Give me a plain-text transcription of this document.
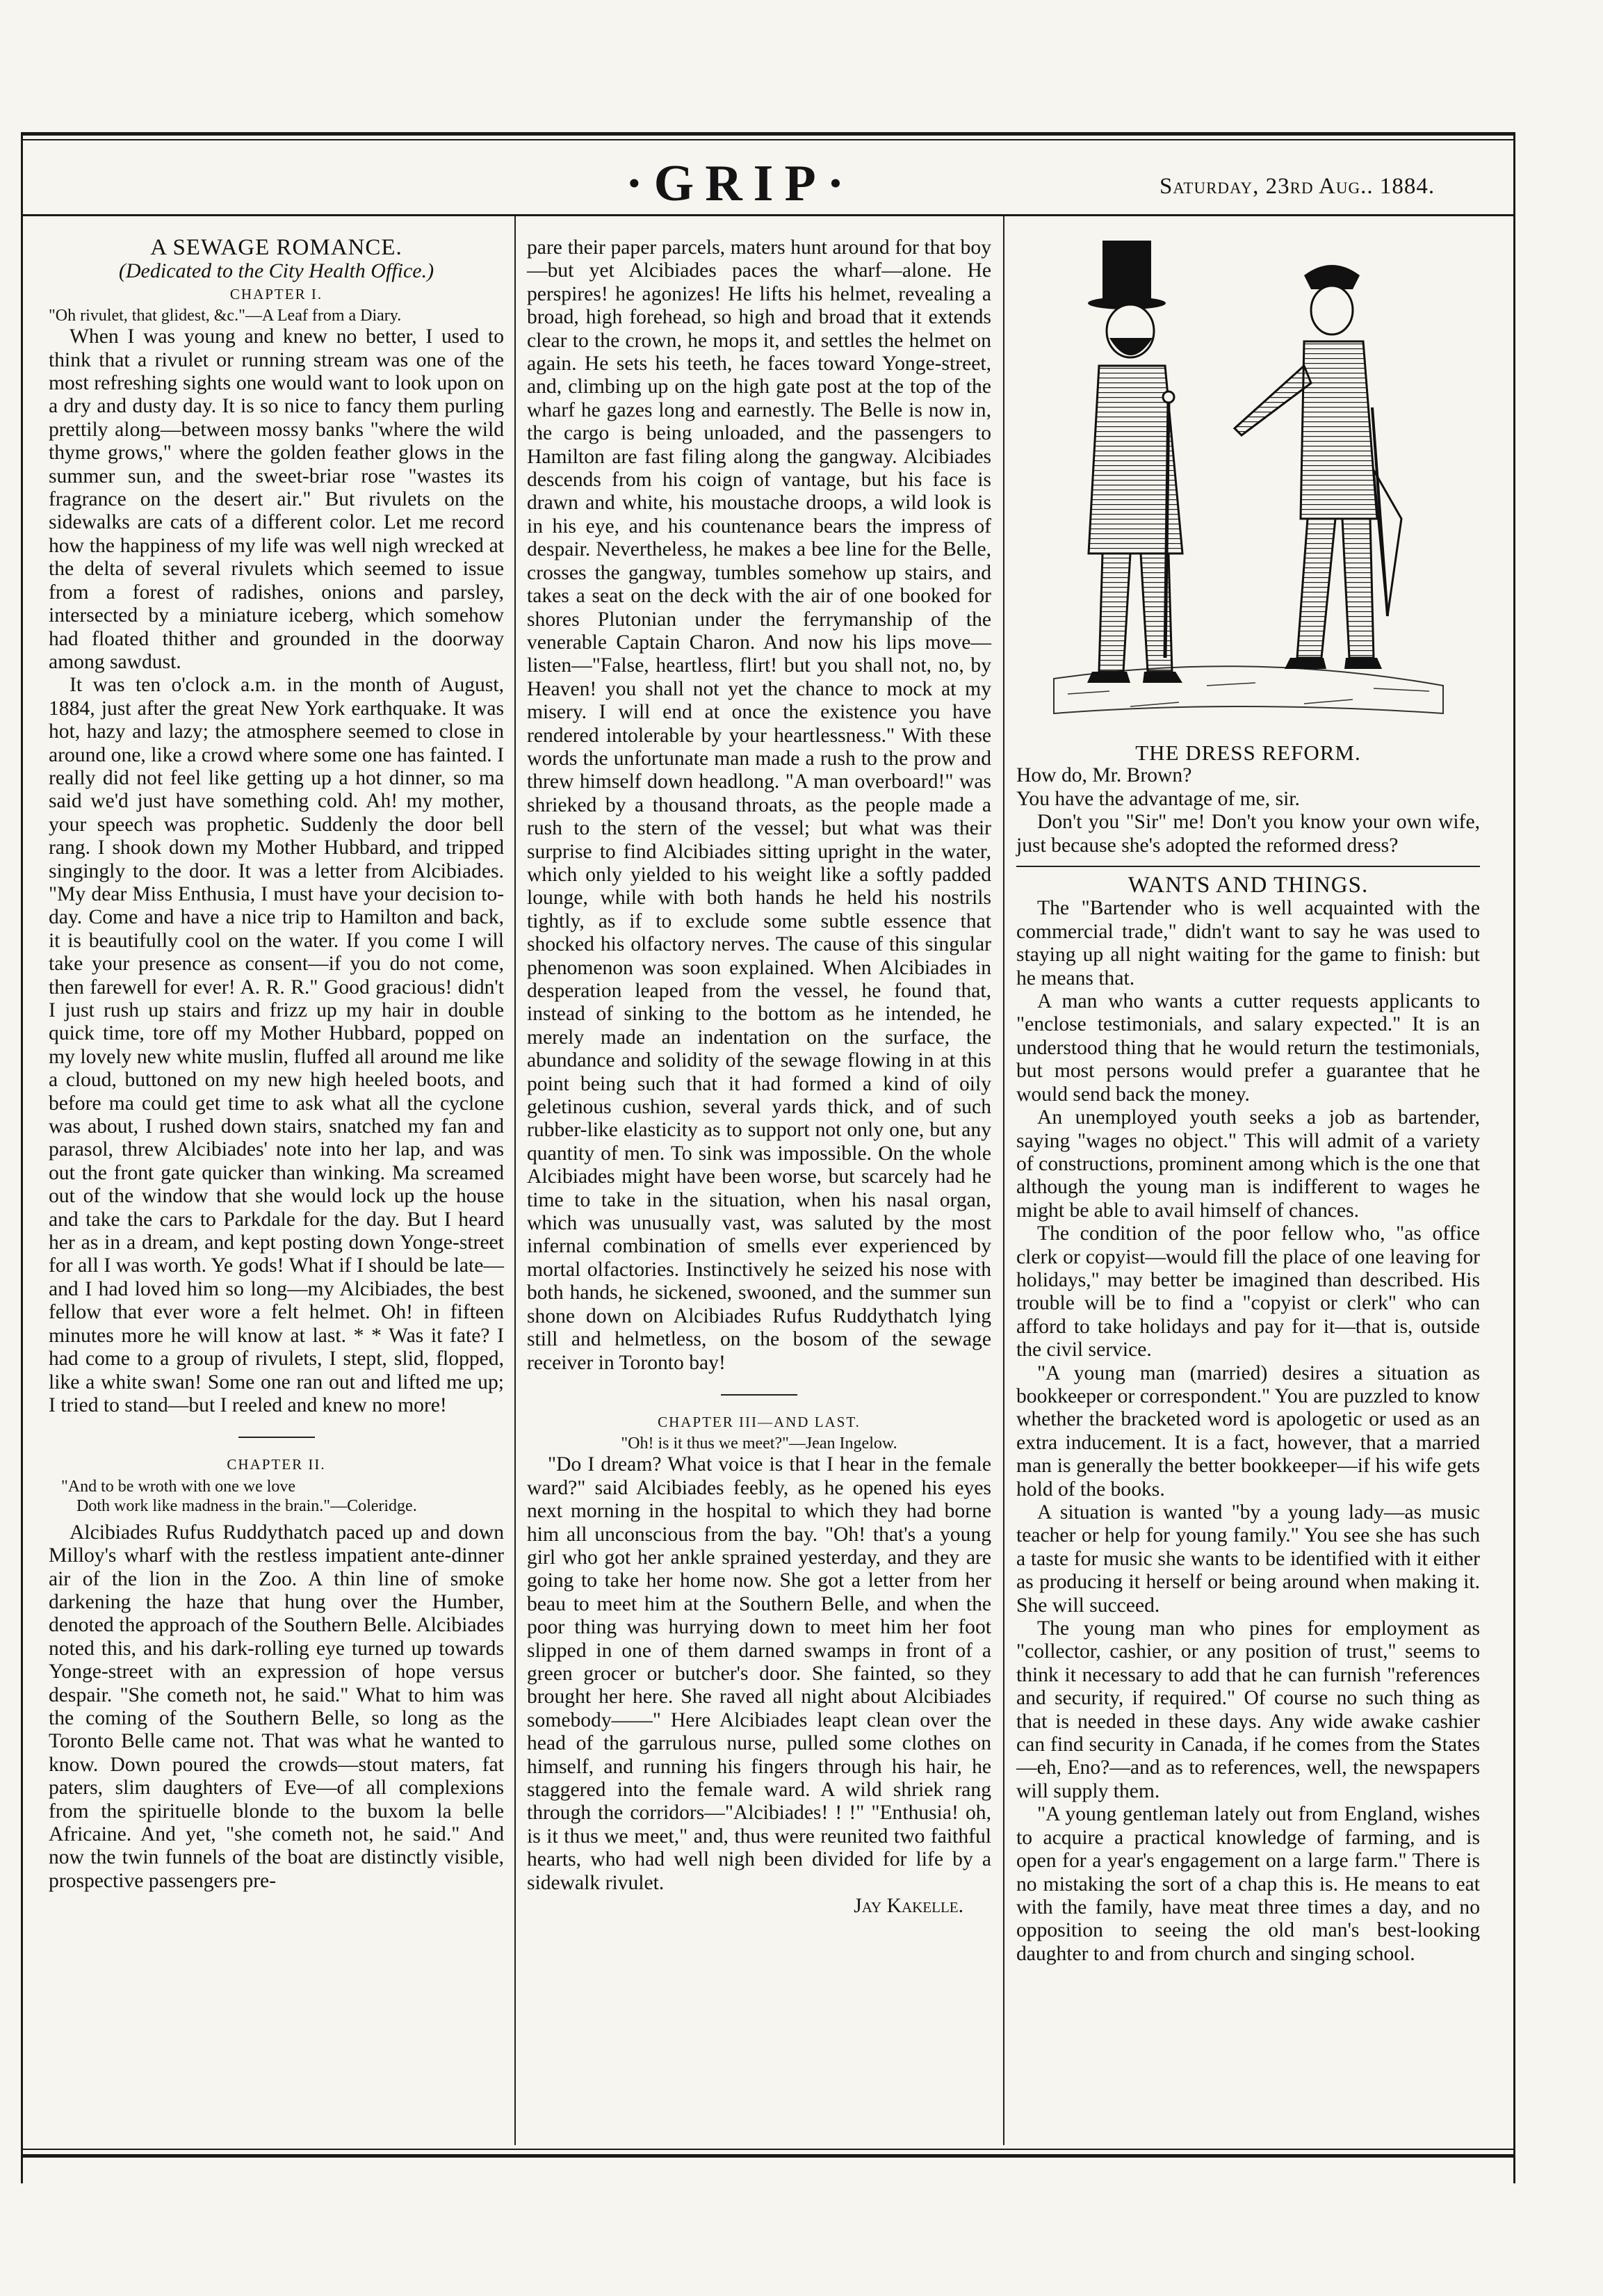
·GRIP·	Saturday, 23rd Aug.. 1884.

A SEWAGE ROMANCE.

(Dedicated to the City Health Office.)

CHAPTER I.

"Oh rivulet, that glidest, &c."—A Leaf from a Diary.

When I was young and knew no better, I used to think that a rivulet or running stream was one of the most refreshing sights one would want to look upon on a dry and dusty day. It is so nice to fancy them purling prettily along—between mossy banks "where the wild thyme grows," where the golden feather glows in the summer sun, and the sweet-briar rose "wastes its fragrance on the desert air." But rivulets on the sidewalks are cats of a different color. Let me record how the happiness of my life was well nigh wrecked at the delta of several rivulets which seemed to issue from a forest of radishes, onions and parsley, intersected by a miniature iceberg, which somehow had floated thither and grounded in the doorway among sawdust.

It was ten o'clock a.m. in the month of August, 1884, just after the great New York earthquake. It was hot, hazy and lazy; the atmosphere seemed to close in around one, like a crowd where some one has fainted. I really did not feel like getting up a hot dinner, so ma said we'd just have something cold. Ah! my mother, your speech was prophetic. Suddenly the door bell rang. I shook down my Mother Hubbard, and tripped singingly to the door. It was a letter from Alcibiades. "My dear Miss Enthusia, I must have your decision to-day. Come and have a nice trip to Hamilton and back, it is beautifully cool on the water. If you come I will take your presence as consent—if you do not come, then farewell for ever! A. R. R." Good gracious! didn't I just rush up stairs and frizz up my hair in double quick time, tore off my Mother Hubbard, popped on my lovely new white muslin, fluffed all around me like a cloud, buttoned on my new high heeled boots, and before ma could get time to ask what all the cyclone was about, I rushed down stairs, snatched my fan and parasol, threw Alcibiades' note into her lap, and was out the front gate quicker than winking. Ma screamed out of the window that she would lock up the house and take the cars to Parkdale for the day. But I heard her as in a dream, and kept posting down Yonge-street for all I was worth. Ye gods! What if I should be late—and I had loved him so long—my Alcibiades, the best fellow that ever wore a felt helmet. Oh! in fifteen minutes more he will know at last. * * Was it fate? I had come to a group of rivulets, I stept, slid, flopped, like a white swan! Some one ran out and lifted me up; I tried to stand—but I reeled and knew no more!

CHAPTER II.

"And to be wroth with one we love

Doth work like madness in the brain."—Coleridge.

Alcibiades Rufus Ruddythatch paced up and down Milloy's wharf with the restless impatient ante-dinner air of the lion in the Zoo. A thin line of smoke darkening the haze that hung over the Humber, denoted the approach of the Southern Belle. Alcibiades noted this, and his dark-rolling eye turned up towards Yonge-street with an expression of hope versus despair. "She cometh not, he said." What to him was the coming of the Southern Belle, so long as the Toronto Belle came not. That was what he wanted to know. Down poured the crowds—stout maters, fat paters, slim daughters of Eve—of all complexions from the spirituelle blonde to the buxom la belle Africaine. And yet, "she cometh not, he said." And now the twin funnels of the boat are distinctly visible, prospective passengers pre-

pare their paper parcels, maters hunt around for that boy—but yet Alcibiades paces the wharf—alone. He perspires! he agonizes! He lifts his helmet, revealing a broad, high forehead, so high and broad that it extends clear to the crown, he mops it, and settles the helmet on again. He sets his teeth, he faces toward Yonge-street, and, climbing up on the high gate post at the top of the wharf he gazes long and earnestly. The Belle is now in, the cargo is being unloaded, and the passengers to Hamilton are fast filing along the gangway. Alcibiades descends from his coign of vantage, but his face is drawn and white, his moustache droops, a wild look is in his eye, and his countenance bears the impress of despair. Nevertheless, he makes a bee line for the Belle, crosses the gangway, tumbles somehow up stairs, and takes a seat on the deck with the air of one booked for shores Plutonian under the ferrymanship of the venerable Captain Charon. And now his lips move—listen—"False, heartless, flirt! but you shall not, no, by Heaven! you shall not yet the chance to mock at my misery. I will end at once the existence you have rendered intolerable by your heartlessness." With these words the unfortunate man made a rush to the prow and threw himself down headlong. "A man overboard!" was shrieked by a thousand throats, as the people made a rush to the stern of the vessel; but what was their surprise to find Alcibiades sitting upright in the water, which only yielded to his weight like a softly padded lounge, while with both hands he held his nostrils tightly, as if to exclude some subtle essence that shocked his olfactory nerves. The cause of this singular phenomenon was soon explained. When Alcibiades in desperation leaped from the vessel, he found that, instead of sinking to the bottom as he intended, he merely made an indentation on the surface, the abundance and solidity of the sewage flowing in at this point being such that it had formed a kind of oily geletinous cushion, several yards thick, and of such rubber-like elasticity as to support not only one, but any quantity of men. To sink was impossible. On the whole Alcibiades might have been worse, but scarcely had he time to take in the situation, when his nasal organ, which was unusually vast, was saluted by the most infernal combination of smells ever experienced by mortal olfactories. Instinctively he seized his nose with both hands, he sickened, swooned, and the summer sun shone down on Alcibiades Rufus Ruddythatch lying still and helmetless, on the bosom of the sewage receiver in Toronto bay!

CHAPTER III—AND LAST.

"Oh! is it thus we meet?"—Jean Ingelow.

"Do I dream? What voice is that I hear in the female ward?" said Alcibiades feebly, as he opened his eyes next morning in the hospital to which they had borne him all unconscious from the bay. "Oh! that's a young girl who got her ankle sprained yesterday, and they are going to take her home now. She got a letter from her beau to meet him at the Southern Belle, and when the poor thing was hurrying down to meet him her foot slipped in one of them darned swamps in front of a green grocer or butcher's door. She fainted, so they brought her here. She raved all night about Alcibiades somebody——" Here Alcibiades leapt clean over the head of the garrulous nurse, pulled some clothes on himself, and running his fingers through his hair, he staggered into the female ward. A wild shriek rang through the corridors—"Alcibiades! ! !" "Enthusia! oh, is it thus we meet," and, thus were reunited two faithful hearts, who had well nigh been divided for life by a sidewalk rivulet.

Jay Kakelle.

THE DRESS REFORM.

How do, Mr. Brown?

You have the advantage of me, sir.

Don't you "Sir" me! Don't you know your own wife, just because she's adopted the reformed dress?

WANTS AND THINGS.

The "Bartender who is well acquainted with the commercial trade," didn't want to say he was used to staying up all night waiting for the game to finish: but he means that.

A man who wants a cutter requests applicants to "enclose testimonials, and salary expected." It is an understood thing that he would return the testimonials, but most persons would prefer a guarantee that he would send back the money.

An unemployed youth seeks a job as bartender, saying "wages no object." This will admit of a variety of constructions, prominent among which is the one that although the young man is indifferent to wages he might be able to avail himself of chances.

The condition of the poor fellow who, "as office clerk or copyist—would fill the place of one leaving for holidays," may better be imagined than described. His trouble will be to find a "copyist or clerk" who can afford to take holidays and pay for it—that is, outside the civil service.

"A young man (married) desires a situation as bookkeeper or correspondent." You are puzzled to know whether the bracketed word is apologetic or used as an extra inducement. It is a fact, however, that a married man is generally the better bookkeeper—if his wife gets hold of the books.

A situation is wanted "by a young lady—as music teacher or help for young family." You see she has such a taste for music she wants to be identified with it either as producing it herself or being around when making it. She will succeed.

The young man who pines for employment as "collector, cashier, or any position of trust," seems to think it necessary to add that he can furnish "references and security, if required." Of course no such thing as that is needed in these days. Any wide awake cashier can find security in Canada, if he comes from the States—eh, Eno?—and as to references, well, the newspapers will supply them.

"A young gentleman lately out from England, wishes to acquire a practical knowledge of farming, and is open for a year's engagement on a large farm." There is no mistaking the sort of a chap this is. He means to eat with the family, have meat three times a day, and no opposition to seeing the old man's best-looking daughter to and from church and singing school.
